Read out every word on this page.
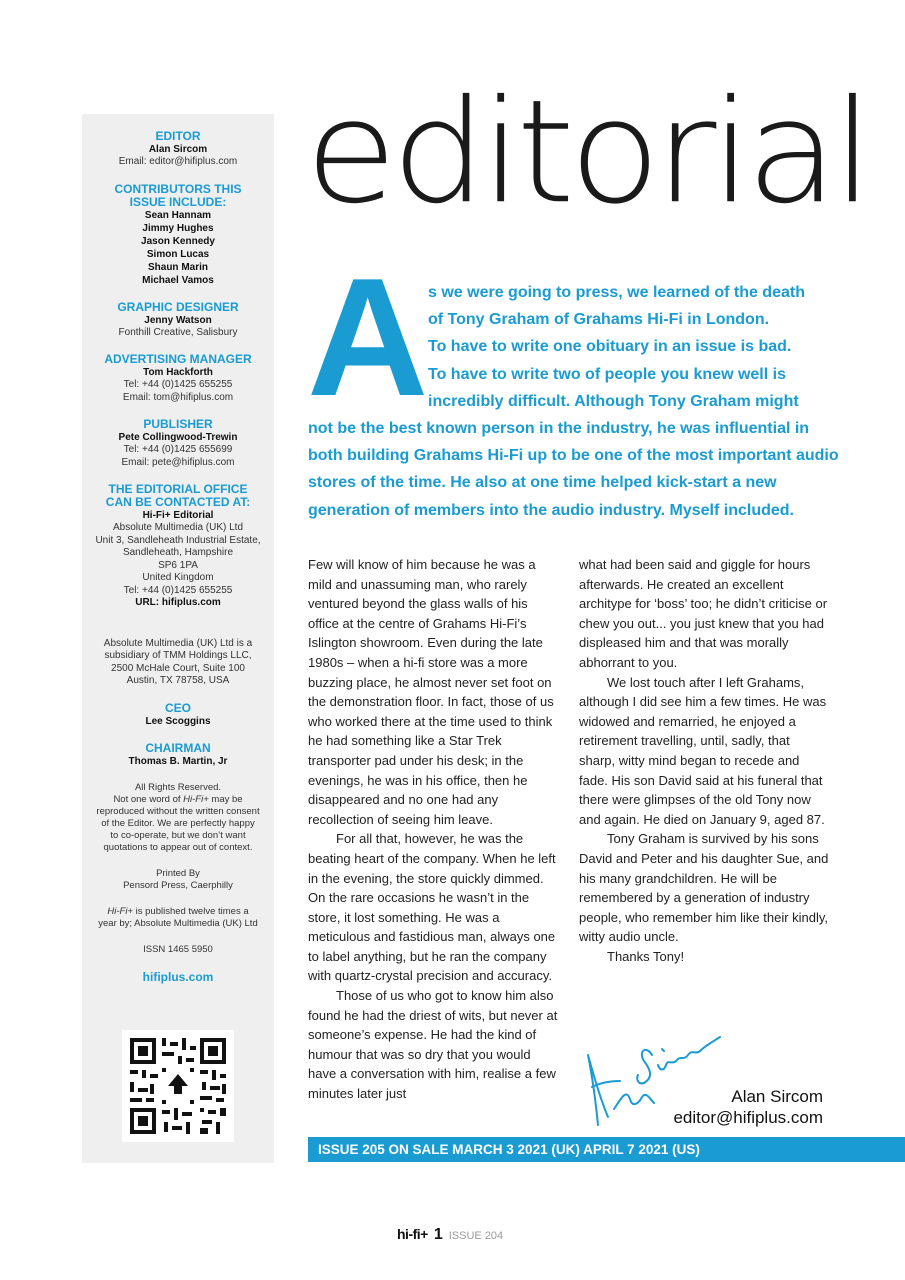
EDITOR
Alan Sircom
Email: editor@hifiplus.com
CONTRIBUTORS THIS
ISSUE INCLUDE:
Sean Hannam
Jimmy Hughes
Jason Kennedy
Simon Lucas
Shaun Marin
Michael Vamos
GRAPHIC DESIGNER
Jenny Watson
Fonthill Creative, Salisbury
ADVERTISING MANAGER
Tom Hackforth
Tel: +44 (0)1425 655255
Email: tom@hifiplus.com
PUBLISHER
Pete Collingwood-Trewin
Tel: +44 (0)1425 655699
Email: pete@hifiplus.com
THE EDITORIAL OFFICE
CAN BE CONTACTED AT:
Hi-Fi+ Editorial
Absolute Multimedia (UK) Ltd
Unit 3, Sandleheath Industrial Estate,
Sandleheath, Hampshire
SP6 1PA
United Kingdom
Tel: +44 (0)1425 655255
URL: hifiplus.com
Absolute Multimedia (UK) Ltd is a
subsidiary of TMM Holdings LLC,
2500 McHale Court, Suite 100
Austin, TX 78758, USA
CEO
Lee Scoggins
CHAIRMAN
Thomas B. Martin, Jr
All Rights Reserved.
Not one word of Hi-Fi+ may be
reproduced without the written consent
of the Editor. We are perfectly happy
to co-operate, but we don’t want
quotations to appear out of context.
Printed By
Pensord Press, Caerphilly
Hi-Fi+ is published twelve times a
year by; Absolute Multimedia (UK) Ltd
ISSN 1465 5950
hifiplus.com
editorial
A s we were going to press, we learned of the death
of Tony Graham of Grahams Hi-Fi in London.
To have to write one obituary in an issue is bad.
To have to write two of people you knew well is
incredibly difficult. Although Tony Graham might

not be the best known person in the industry, he was influential in both building Grahams Hi-Fi up to be one of the most important audio stores of the time. He also at one time helped kick-start a new generation of members into the audio industry. Myself included.

Few will know of him because he was a mild and unassuming man, who rarely ventured beyond the glass walls of his office at the centre of Grahams Hi-Fi’s Islington showroom. Even during the late 1980s – when a hi-fi store was a more buzzing place, he almost never set foot on the demonstration floor. In fact, those of us who worked there at the time used to think he had something like a Star Trek transporter pad under his desk; in the evenings, he was in his office, then he disappeared and no one had any recollection of seeing him leave.

For all that, however, he was the beating heart of the company. When he left in the evening, the store quickly dimmed. On the rare occasions he wasn’t in the store, it lost something. He was a meticulous and fastidious man, always one to label anything, but he ran the company with quartz-crystal precision and accuracy.

Those of us who got to know him also found he had the driest of wits, but never at someone’s expense. He had the kind of humour that was so dry that you would have a conversation with him, realise a few minutes later just

what had been said and giggle for hours afterwards. He created an excellent architype for ‘boss’ too; he didn’t criticise or chew you out... you just knew that you had displeased him and that was morally abhorrant to you.

We lost touch after I left Grahams, although I did see him a few times. He was widowed and remarried, he enjoyed a retirement travelling, until, sadly, that sharp, witty mind began to recede and fade. His son David said at his funeral that there were glimpses of the old Tony now and again. He died on January 9, aged 87.

Tony Graham is survived by his sons David and Peter and his daughter Sue, and his many grandchildren. He will be remembered by a generation of industry people, who remember him like their kindly, witty audio uncle.

Thanks Tony!

Alan Sircom
editor@hifiplus.com
ISSUE 205 ON SALE MARCH 3 2021 (UK) APRIL 7 2021 (US)
hi-fi+ 1 ISSUE 204
